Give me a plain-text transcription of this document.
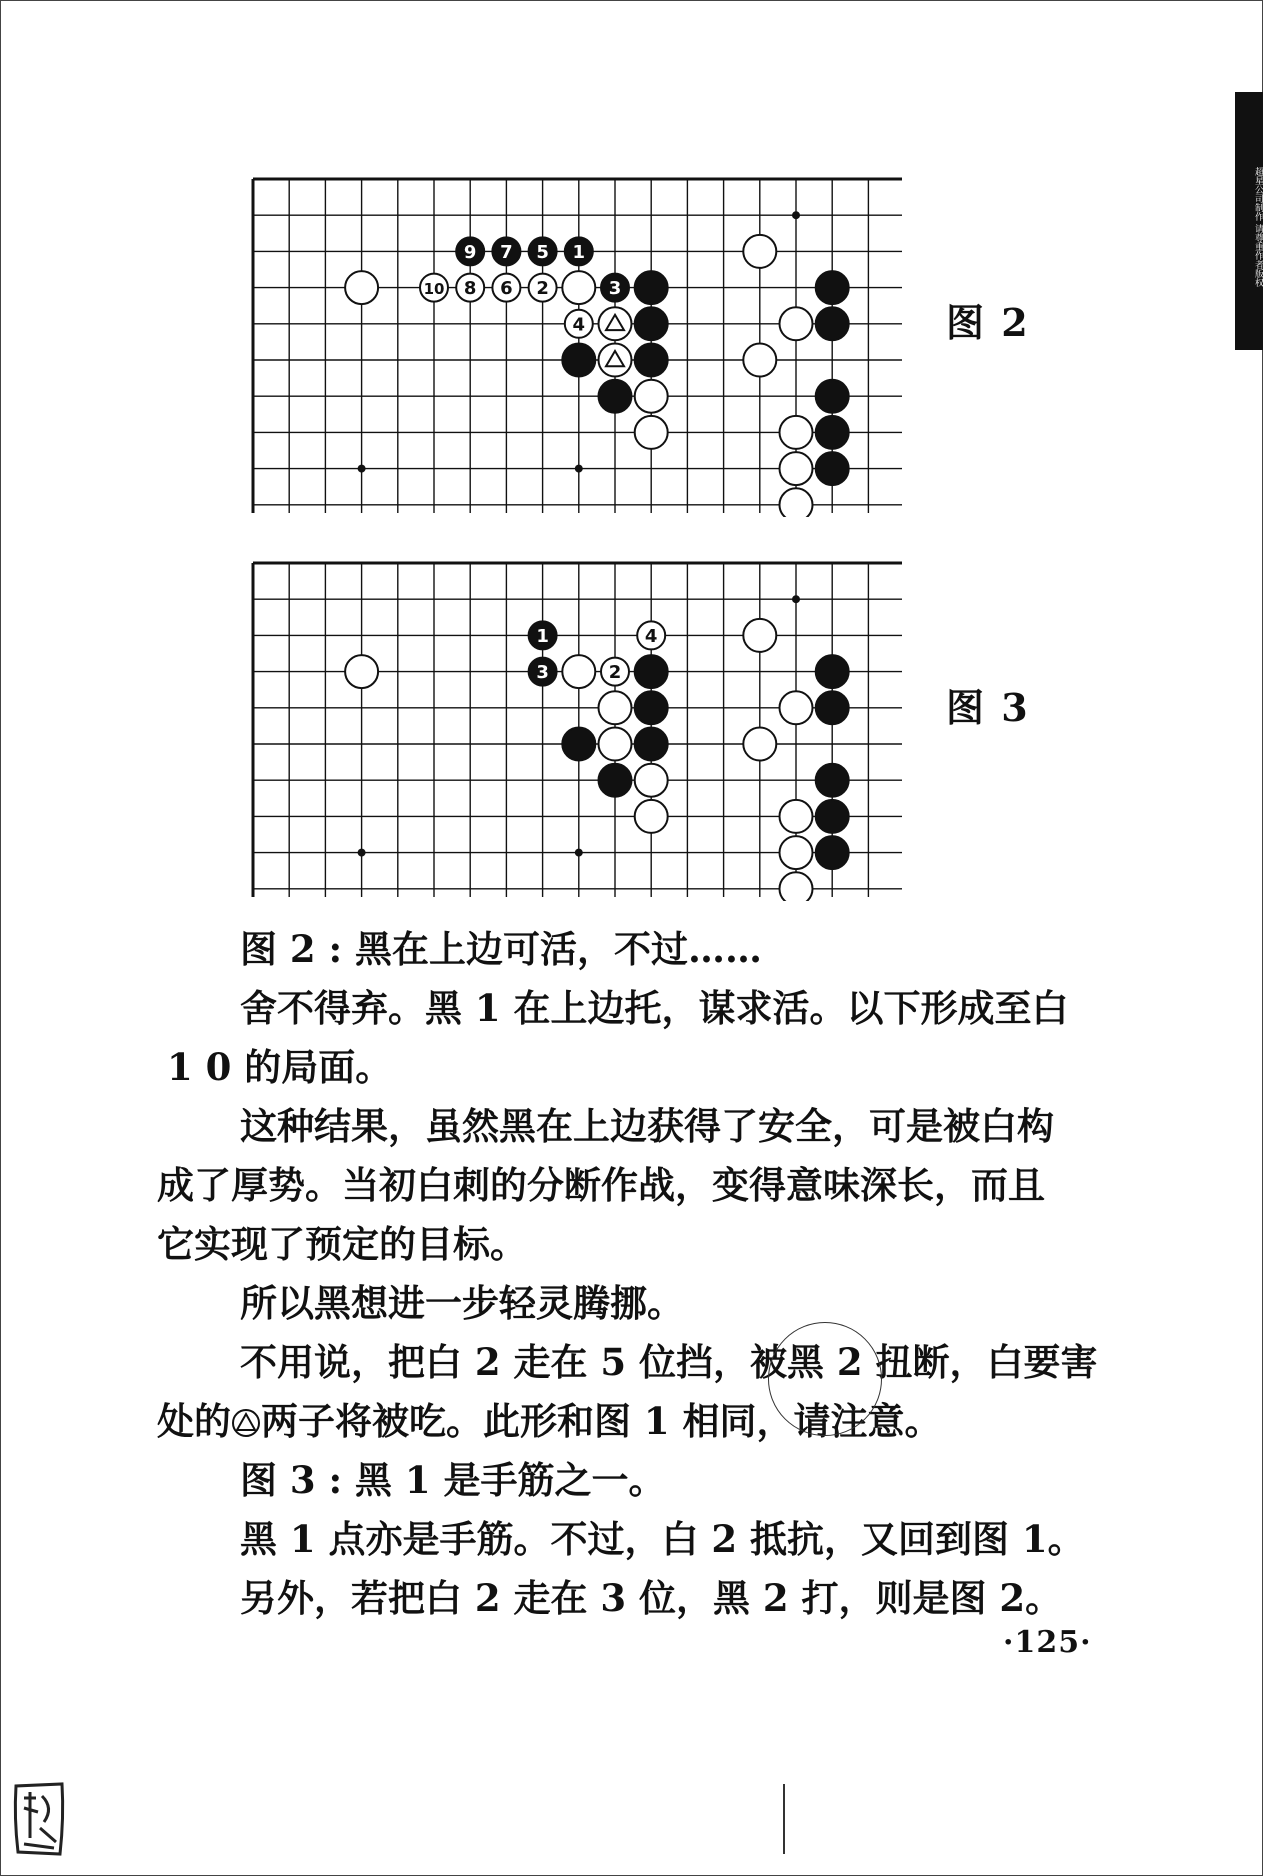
超星公司制作 请尊重作者版权
1
2	3
4
5
6
7
8
9
10
图 2
1
2
3
4
图 3

图 2 : 黑在上边可活，不过……

舍不得弃。黑 1 在上边托，谋求活。以下形成至白

1 0 的局面。

这种结果，虽然黑在上边获得了安全，可是被白构

成了厚势。当初白刺的分断作战，变得意味深长，而且

它实现了预定的目标。

所以黑想进一步轻灵腾挪。

不用说，把白 2 走在 5 位挡，被黑 2 扭断，白要害

处的 两子将被吃。此形和图 1 相同，请注意。

图 3 : 黑 1 是手筋之一。

黑 1 点亦是手筋。不过，白 2 抵抗，又回到图 1。

另外，若把白 2 走在 3 位，黑 2 打，则是图 2。

·125·
